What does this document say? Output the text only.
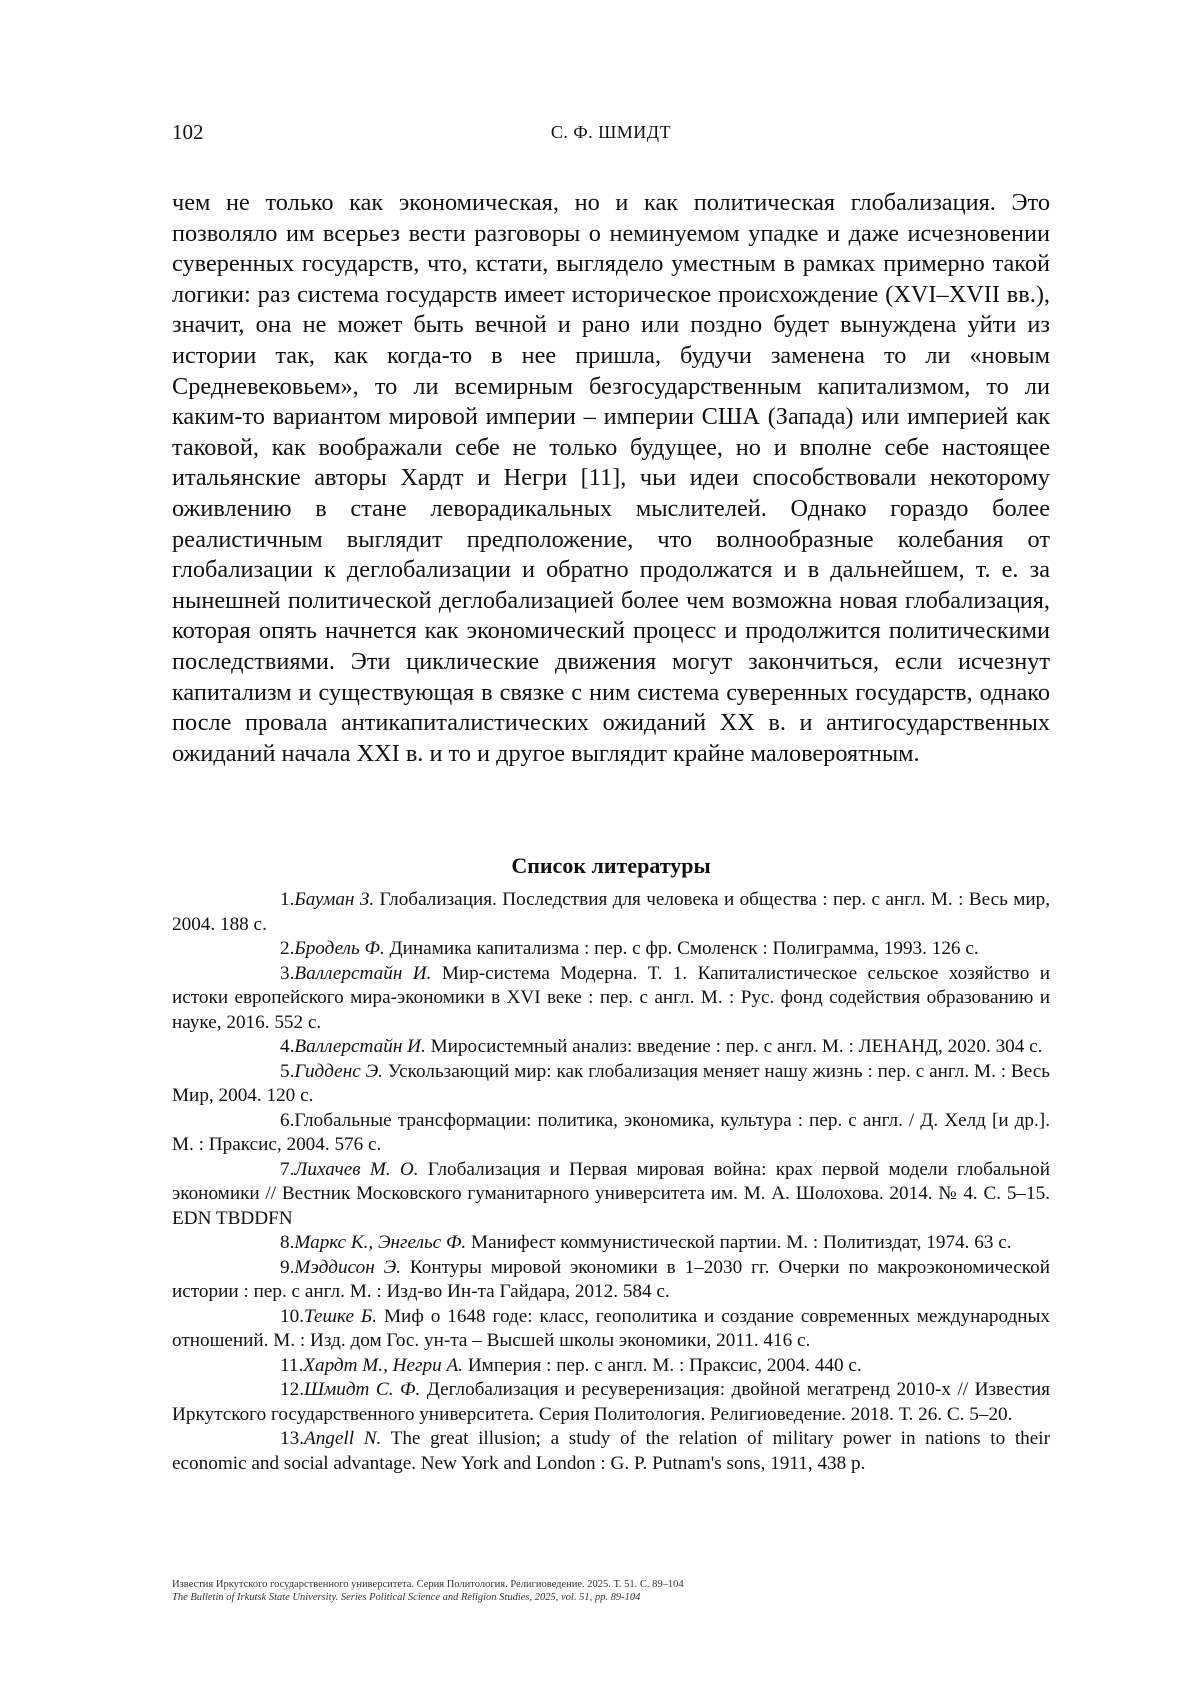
102	С. Ф. ШМИДТ

чем не только как экономическая, но и как политическая глобализация. Это позволяло им всерьез вести разговоры о неминуемом упадке и даже исчезновении суверенных государств, что, кстати, выглядело уместным в рамках примерно такой логики: раз система государств имеет историческое происхождение (XVI–XVII вв.), значит, она не может быть вечной и рано или поздно будет вынуждена уйти из истории так, как когда-то в нее пришла, будучи заменена то ли «новым Средневековьем», то ли всемирным безгосударственным капитализмом, то ли каким-то вариантом мировой империи – империи США (Запада) или империей как таковой, как воображали себе не только будущее, но и вполне себе настоящее итальянские авторы Хардт и Негри [11], чьи идеи способствовали некоторому оживлению в стане леворадикальных мыслителей. Однако гораздо более реалистичным выглядит предположение, что волнообразные колебания от глобализации к деглобализации и обратно продолжатся и в дальнейшем, т. е. за нынешней политической деглобализацией более чем возможна новая глобализация, которая опять начнется как экономический процесс и продолжится политическими последствиями. Эти циклические движения могут закончиться, если исчезнут капитализм и существующая в связке с ним система суверенных государств, однако после провала антикапиталистических ожиданий XX в. и антигосударственных ожиданий начала XXI в. и то и другое выглядит крайне маловероятным.

Список литературы
1.Бауман З. Глобализация. Последствия для человека и общества : пер. с англ. М. : Весь мир, 2004. 188 с.
2.Бродель Ф. Динамика капитализма : пер. с фр. Смоленск : Полиграмма, 1993. 126 с.
3.Валлерстайн И. Мир-система Модерна. Т. 1. Капиталистическое сельское хозяйство и истоки европейского мира-экономики в XVI веке : пер. с англ. М. : Рус. фонд содействия образованию и науке, 2016. 552 с.
4.Валлерстайн И. Миросистемный анализ: введение : пер. с англ. М. : ЛЕНАНД, 2020. 304 с.
5.Гидденс Э. Ускользающий мир: как глобализация меняет нашу жизнь : пер. с англ. М. : Весь Мир, 2004. 120 с.
6.Глобальные трансформации: политика, экономика, культура : пер. с англ. / Д. Хелд [и др.]. М. : Праксис, 2004. 576 с.
7.Лихачев М. О. Глобализация и Первая мировая война: крах первой модели глобальной экономики // Вестник Московского гуманитарного университета им. М. А. Шолохова. 2014. № 4. С. 5–15. EDN TBDDFN
8.Маркс К., Энгельс Ф. Манифест коммунистической партии. М. : Политиздат, 1974. 63 с.
9.Мэддисон Э. Контуры мировой экономики в 1–2030 гг. Очерки по макроэкономической истории : пер. с англ. М. : Изд-во Ин-та Гайдара, 2012. 584 с.
10.Тешке Б. Миф о 1648 годе: класс, геополитика и создание современных международных отношений. М. : Изд. дом Гос. ун-та – Высшей школы экономики, 2011. 416 с.
11.Хардт М., Негри А. Империя : пер. с англ. М. : Праксис, 2004. 440 с.
12.Шмидт С. Ф. Деглобализация и ресуверенизация: двойной мегатренд 2010-х // Известия Иркутского государственного университета. Серия Политология. Религиоведение. 2018. Т. 26. С. 5–20.
13.Angell N. The great illusion; a study of the relation of military power in nations to their economic and social advantage. New York and London : G. P. Putnam's sons, 1911, 438 p.
Известия Иркутского государственного университета. Серия Политология. Религиоведение. 2025. Т. 51. С. 89–104
The Bulletin of Irkutsk State University. Series Political Science and Religion Studies, 2025, vol. 51, pp. 89-104
